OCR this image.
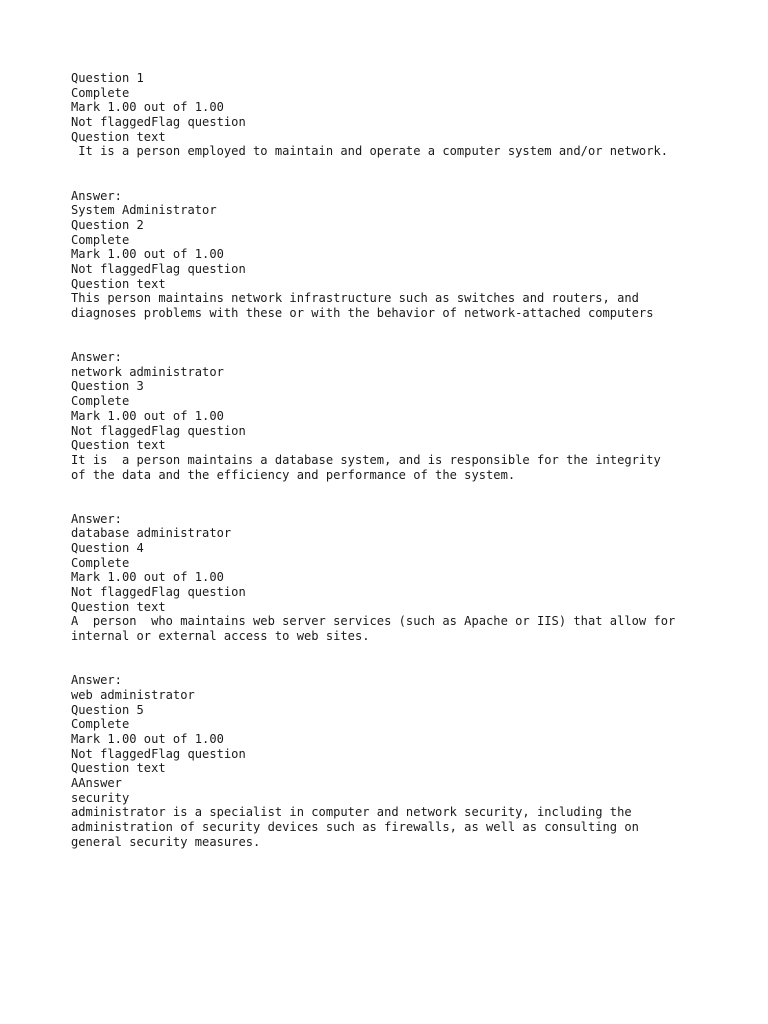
Question 1
Complete
Mark 1.00 out of 1.00
Not flaggedFlag question
Question text
It is a person employed to maintain and operate a computer system and/or network.
Answer:
System Administrator
Question 2
Complete
Mark 1.00 out of 1.00
Not flaggedFlag question
Question text
This person maintains network infrastructure such as switches and routers, and
diagnoses problems with these or with the behavior of network-attached computers
Answer:
network administrator
Question 3
Complete
Mark 1.00 out of 1.00
Not flaggedFlag question
Question text
It is  a person maintains a database system, and is responsible for the integrity
of the data and the efficiency and performance of the system.
Answer:
database administrator
Question 4
Complete
Mark 1.00 out of 1.00
Not flaggedFlag question
Question text
A  person  who maintains web server services (such as Apache or IIS) that allow for
internal or external access to web sites.
Answer:
web administrator
Question 5
Complete
Mark 1.00 out of 1.00
Not flaggedFlag question
Question text
AAnswer
security
administrator is a specialist in computer and network security, including the
administration of security devices such as firewalls, as well as consulting on
general security measures.
